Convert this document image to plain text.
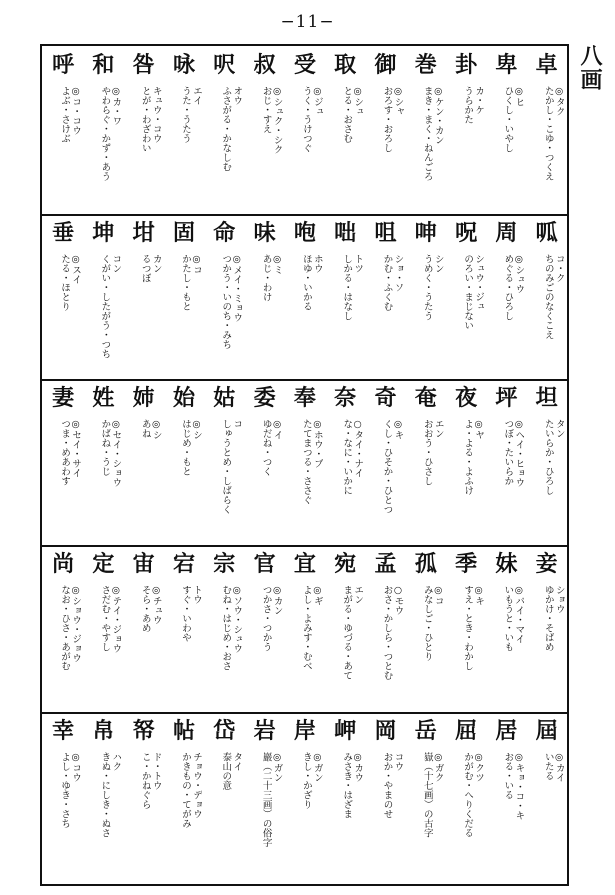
−11−
八画
卓
◎タク
たかし・こゆ・つくえ
卑
◎ヒ
ひくし・いやし
卦
カ・ケ
うらかた
巻
◎ケン・カン
まき・まく・ねんごろ
御
◎シャ
おろす・おろし
取
◎シュ
とる・おさむ
受
◎ジュ
うく・うけつぐ
叔
◎シュク・シク
おじ・すえ
呎
オウ
ふさがる・かなしむ
咏
エイ
うた・うたう
咎
キュウ・コウ
とが・わざわい
和
◎カ・ワ
やわらぐ・かず・あう
呼
◎コ・コウ
よぶ・さけぶ
呱
コ・ク
ちのみごのなくこえ
周
◎シュウ
めぐる・ひろし
呪
シュウ・ジュ
のろい・まじない
呻
シン
うめく・うたう
咀
ショ・ソ
かむ・ふくむ
咄
トツ
しかる・はなし
咆
ホウ
ほゆ・いかる
味
◎ミ
あじ・わけ
命
◎メイ・ミョウ
つかう・いのち・みち
固
◎コ
かたし・もと
坩
カン
るつぼ
坤
コン
くがい・したがう・つち
垂
◎スイ
たる・ほとり
坦
タン
たいらか・ひろし
坪
◎ヘイ・ヒョウ
つぼ・たいらか
夜
◎ヤ
よ・よる・よふけ
奄
エン
おおう・ひさし
奇
◎キ
くし・ひそか・ひとつ
奈
○タイ・ナイ
な・なに・いかに
奉
◎ホウ・ブ
たてまつる・ささぐ
委
◎イ
ゆだね・つく
姑
コ
しゅうとめ・しばらく
始
◎シ
はじめ・もと
姉
◎シ
あね
姓
◎セイ・ショウ
かばね・うじ
妻
◎セイ・サイ
つま・めあわす
妾
ショウ
ゆかけ・そばめ
妹
◎バイ・マイ
いもうと・いも
季
◎キ
すえ・とき・わかし
孤
◎コ
みなしご・ひとり
孟
○モウ
おさ・かしら・つとむ
宛
エン
まがる・ゆづる・あて
宜
◎ギ
よし・よみす・むべ
官
◎カン
つかさ・つかう
宗
◎ソウ・シュウ
むね・はじめ・おさ
宕
トウ
すぐ・いわや
宙
◎チュウ
そら・あめ
定
◎テイ・ジョウ
さだむ・やすし
尚
◎ショウ・ジョウ
なお・ひさ・あがむ
屆
◎カイ
いたる
居
◎キョ・コ・キ
おる・いる
屈
◎クツ
かがむ・へりくだる
岳
◎ガク
嶽（十七画）の古字
岡
コウ
おか・やまのせ
岬
◎カウ
みさき・はざま
岸
◎ガン
きし・かざり
岩
◎ガン
巖（二十三画）の俗字
岱
タイ
泰山の意
帖
チョウ・デョウ
かきもの・てがみ
帑
ド・トウ
こ・かねぐら
帛
ハク
きぬ・にしき・ぬさ
幸
◎コウ
よし・ゆき・さち
